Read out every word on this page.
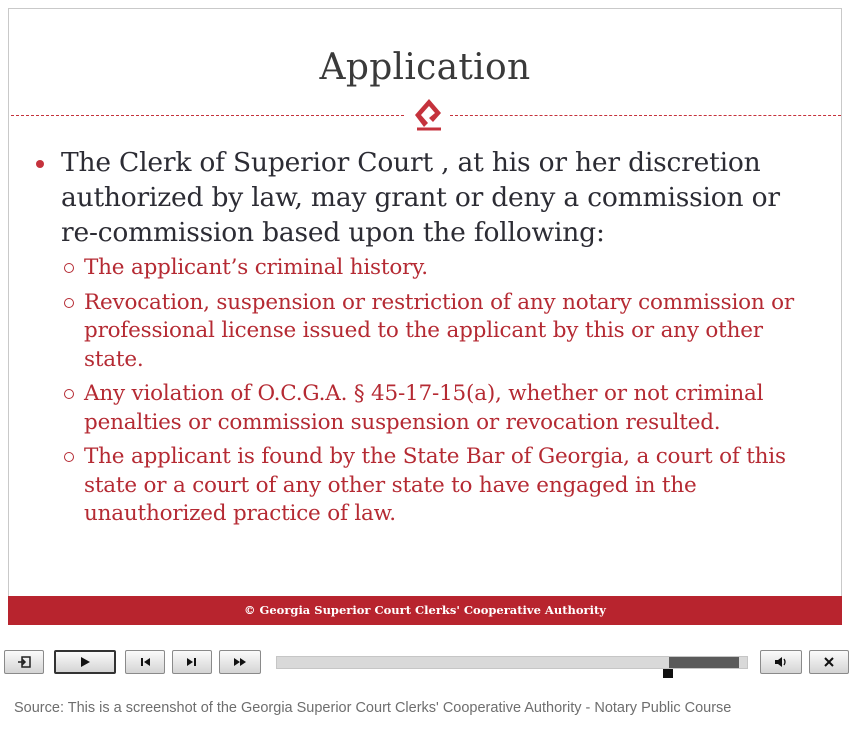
Application
The Clerk of Superior Court , at his or her discretion authorized by law, may grant or deny a commission or re-commission based upon the following:
The applicant’s criminal history.
Revocation, suspension or restriction of any notary commission or professional license issued to the applicant by this or any other state.
Any violation of O.C.G.A. § 45-17-15(a), whether or not criminal penalties or commission suspension or revocation resulted.
The applicant is found by the State Bar of Georgia, a court of this state or a court of any other state to have engaged in the unauthorized practice of law.
© Georgia Superior Court Clerks' Cooperative Authority
Source: This is a screenshot of the Georgia Superior Court Clerks' Cooperative Authority - Notary Public Course
